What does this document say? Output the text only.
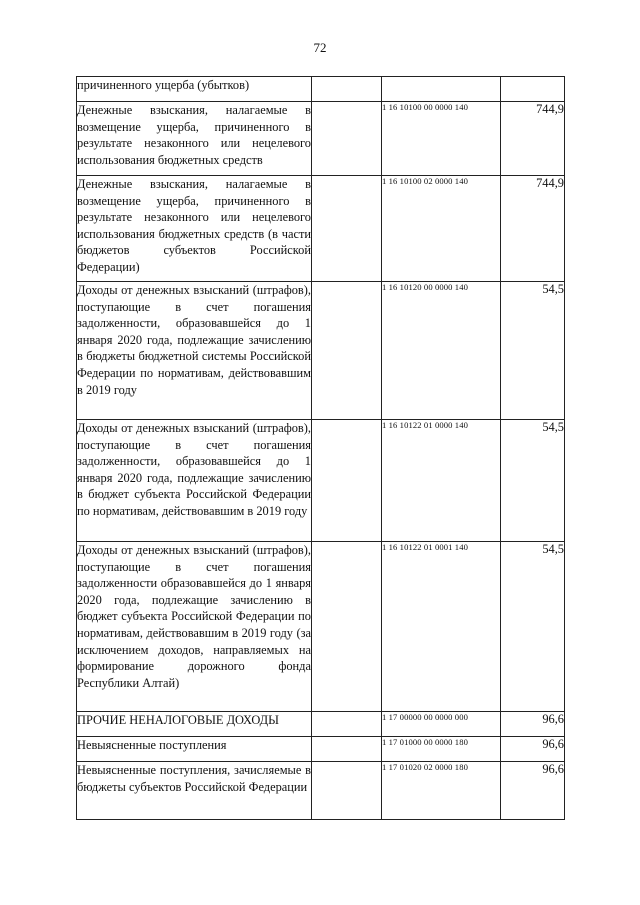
72
причиненного ущерба (убытков)			
Денежные взыскания, налагаемые в возмещение ущерба, причиненного в результате незаконного или нецелевого использования бюджетных средств		1 16 10100 00 0000 140	744,9
Денежные взыскания, налагаемые в возмещение ущерба, причиненного в результате незаконного или нецелевого использования бюджетных средств (в части бюджетов субъектов Российской Федерации)		1 16 10100 02 0000 140	744,9
Доходы от денежных взысканий (штрафов), поступающие в счет погашения задолженности, образовавшейся до 1 января 2020 года, подлежащие зачислению в бюджеты бюджетной системы Российской Федерации по нормативам, действовавшим в 2019 году		1 16 10120 00 0000 140	54,5
Доходы от денежных взысканий (штрафов), поступающие в счет погашения задолженности, образовавшейся до 1 января 2020 года, подлежащие зачислению в бюджет субъекта Российской Федерации по нормативам, действовавшим в 2019 году		1 16 10122 01 0000 140	54,5
Доходы от денежных взысканий (штрафов), поступающие в счет погашения задолженности образовавшейся до 1 января 2020 года, подлежащие зачислению в бюджет субъекта Российской Федерации по нормативам, действовавшим в 2019 году (за исключением доходов, направляемых на формирование дорожного фонда Республики Алтай)		1 16 10122 01 0001 140	54,5
ПРОЧИЕ НЕНАЛОГОВЫЕ ДОХОДЫ		1 17 00000 00 0000 000	96,6
Невыясненные поступления		1 17 01000 00 0000 180	96,6
Невыясненные поступления, зачисляемые в бюджеты субъектов Российской Федерации		1 17 01020 02 0000 180	96,6
